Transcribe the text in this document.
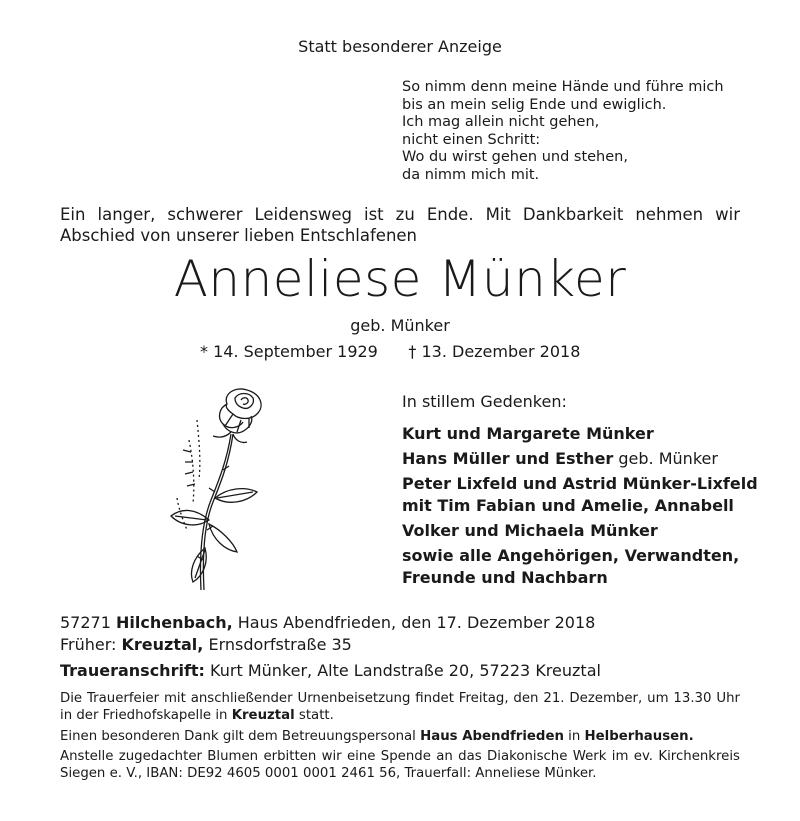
Statt besonderer Anzeige
So nimm denn meine Hände und führe mich
bis an mein selig Ende und ewiglich.
Ich mag allein nicht gehen,
nicht einen Schritt:
Wo du wirst gehen und stehen,
da nimm mich mit.
Ein langer, schwerer Leidensweg ist zu Ende. Mit Dankbarkeit nehmen wir Abschied von unserer lieben Entschlafenen
Anneliese Münker
geb. Münker
* 14. September 1929 † 13. Dezember 2018
In stillem Gedenken:
Kurt und Margarete Münker
Hans Müller und Esther geb. Münker
Peter Lixfeld und Astrid Münker-Lixfeld
mit Tim Fabian und Amelie, Annabell
Volker und Michaela Münker
sowie alle Angehörigen, Verwandten,
Freunde und Nachbarn
57271 Hilchenbach, Haus Abendfrieden, den 17. Dezember 2018
Früher: Kreuztal, Ernsdorfstraße 35
Traueranschrift: Kurt Münker, Alte Landstraße 20, 57223 Kreuztal
Die Trauerfeier mit anschließender Urnenbeisetzung findet Freitag, den 21. Dezember, um 13.30 Uhr in der Friedhofskapelle in Kreuztal statt.
Einen besonderen Dank gilt dem Betreuungspersonal Haus Abendfrieden in Helberhausen.
Anstelle zugedachter Blumen erbitten wir eine Spende an das Diakonische Werk im ev. Kirchenkreis Siegen e. V., IBAN: DE92 4605 0001 0001 2461 56, Trauerfall: Anneliese Münker.
